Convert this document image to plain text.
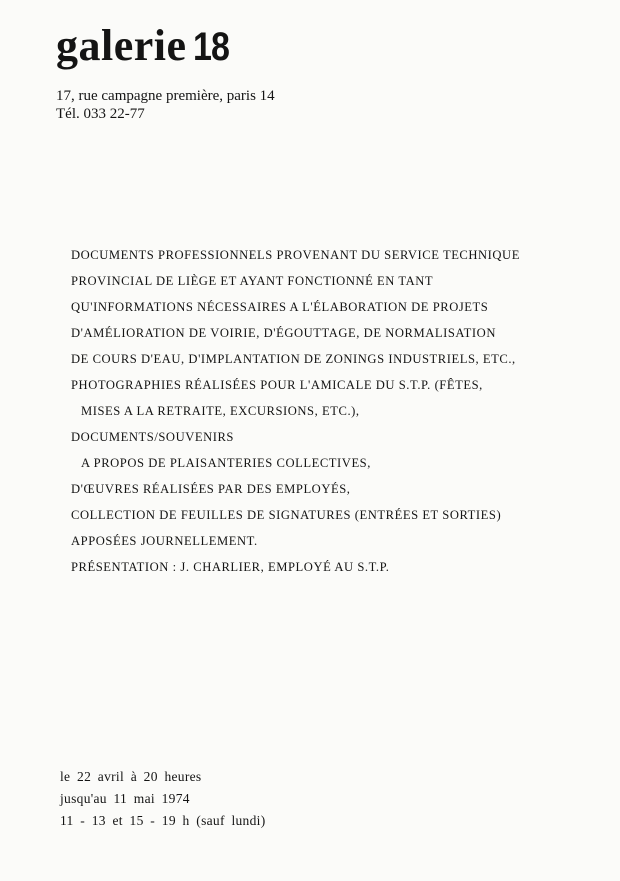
galerie 18
17, rue campagne première, paris 14
Tél. 033 22-77

DOCUMENTS PROFESSIONNELS PROVENANT DU SERVICE TECHNIQUE

PROVINCIAL DE LIÈGE ET AYANT FONCTIONNÉ EN TANT

QU'INFORMATIONS NÉCESSAIRES A L'ÉLABORATION DE PROJETS

D'AMÉLIORATION DE VOIRIE, D'ÉGOUTTAGE, DE NORMALISATION

DE COURS D'EAU, D'IMPLANTATION DE ZONINGS INDUSTRIELS, ETC.,

PHOTOGRAPHIES RÉALISÉES POUR L'AMICALE DU S.T.P. (FÊTES,

MISES A LA RETRAITE, EXCURSIONS, ETC.),

DOCUMENTS/SOUVENIRS

A PROPOS DE PLAISANTERIES COLLECTIVES,

D'ŒUVRES RÉALISÉES PAR DES EMPLOYÉS,

COLLECTION DE FEUILLES DE SIGNATURES (ENTRÉES ET SORTIES)

APPOSÉES JOURNELLEMENT.

PRÉSENTATION : J. CHARLIER, EMPLOYÉ AU S.T.P.

le 22 avril à 20 heures
jusqu'au 11 mai 1974
11 - 13 et 15 - 19 h (sauf lundi)
